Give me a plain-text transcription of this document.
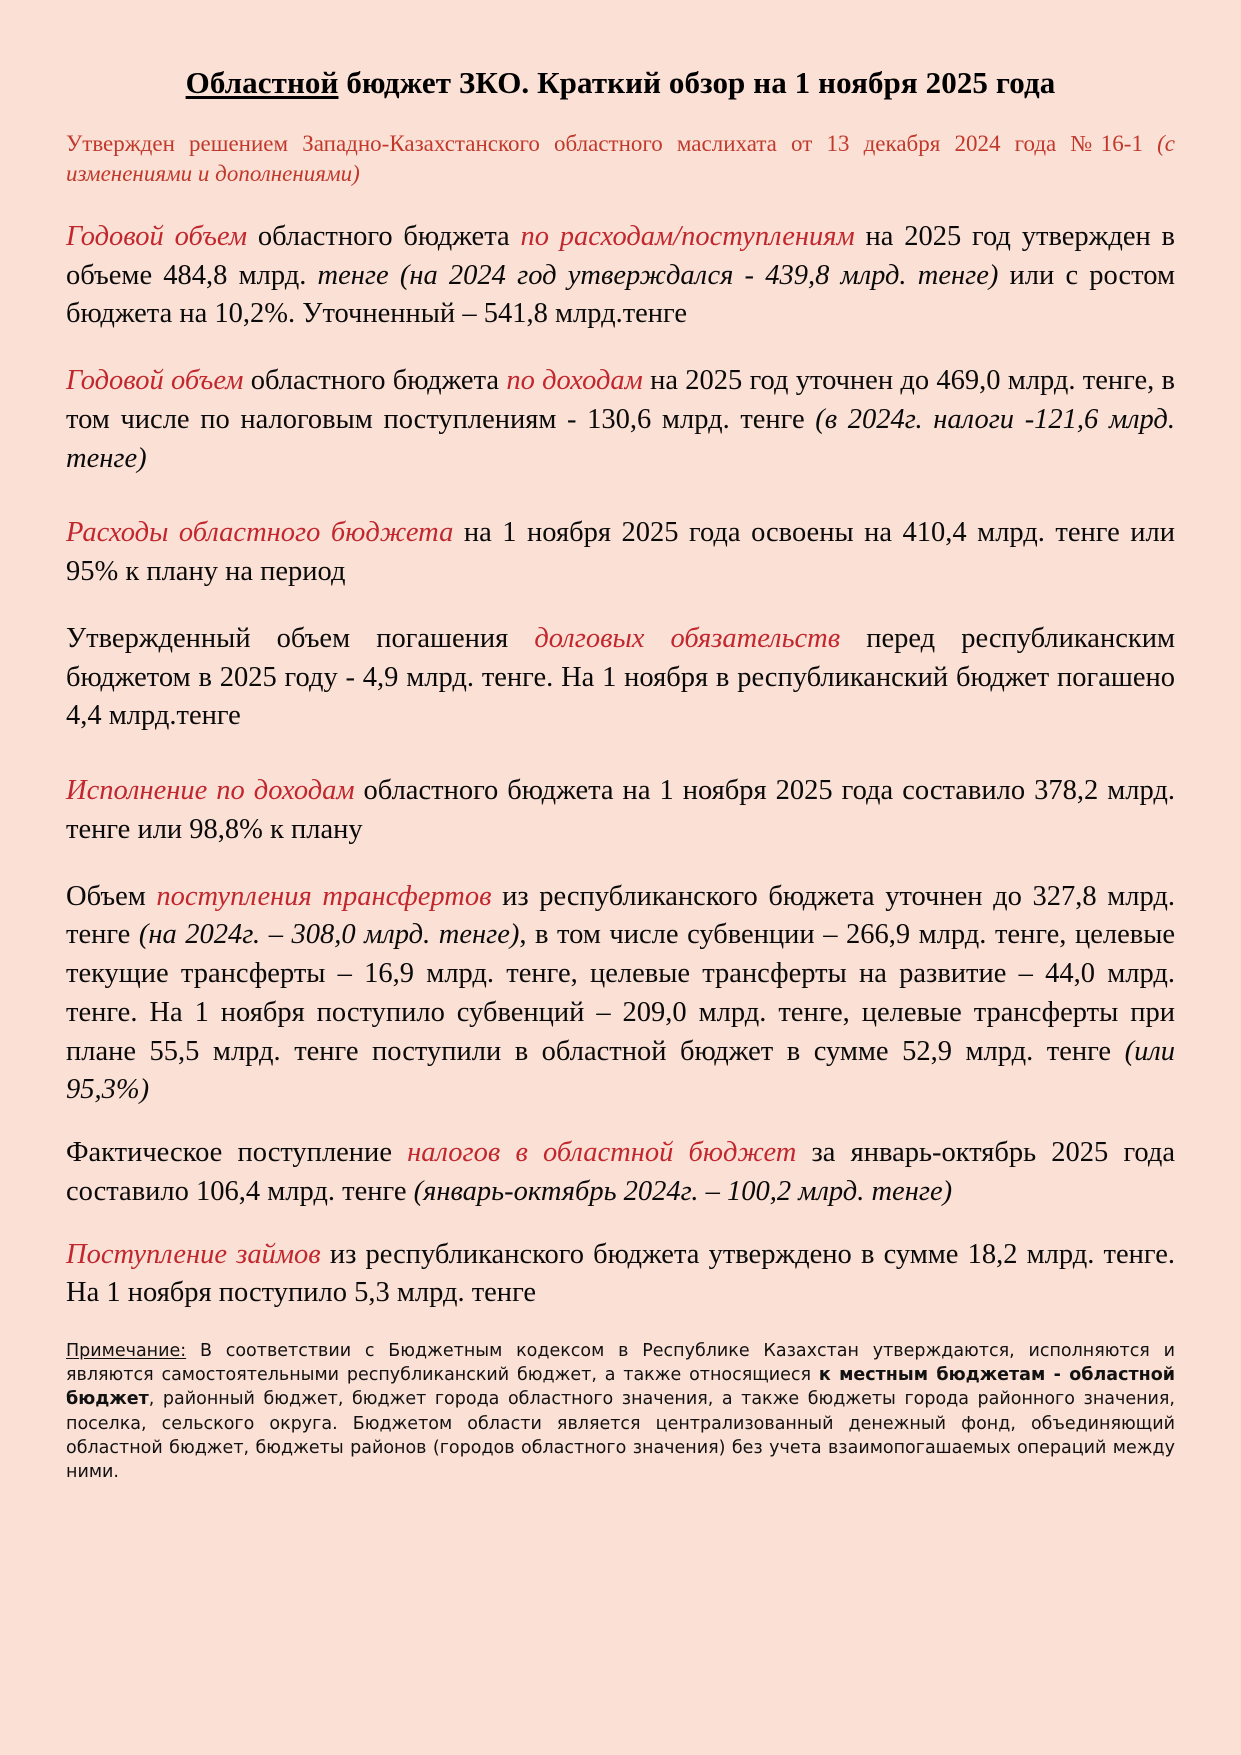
Областной бюджет ЗКО. Краткий обзор на 1 ноября 2025 года

Утвержден решением Западно-Казахстанского областного маслихата от 13 декабря 2024 года №16-1 (с изменениями и дополнениями)

Годовой объем областного бюджета по расходам/поступлениям на 2025 год утвержден в объеме 484,8 млрд. тенге (на 2024 год утверждался - 439,8 млрд. тенге) или с ростом бюджета на 10,2%. Уточненный – 541,8 млрд.тенге

Годовой объем областного бюджета по доходам на 2025 год уточнен до 469,0 млрд. тенге, в том числе по налоговым поступлениям - 130,6 млрд. тенге (в 2024г. налоги -121,6 млрд. тенге)

Расходы областного бюджета на 1 ноября 2025 года освоены на 410,4 млрд. тенге или 95% к плану на период

Утвержденный объем погашения долговых обязательств перед республиканским бюджетом в 2025 году - 4,9 млрд. тенге. На 1 ноября в республиканский бюджет погашено 4,4 млрд.тенге

Исполнение по доходам областного бюджета на 1 ноября 2025 года составило 378,2 млрд. тенге или 98,8% к плану

Объем поступления трансфертов из республиканского бюджета уточнен до 327,8 млрд. тенге (на 2024г. – 308,0 млрд. тенге), в том числе субвенции – 266,9 млрд. тенге, целевые текущие трансферты – 16,9 млрд. тенге, целевые трансферты на развитие – 44,0 млрд. тенге. На 1 ноября поступило субвенций – 209,0 млрд. тенге, целевые трансферты при плане 55,5 млрд. тенге поступили в областной бюджет в сумме 52,9 млрд. тенге (или 95,3%)

Фактическое поступление налогов в областной бюджет за январь-октябрь 2025 года составило 106,4 млрд. тенге (январь-октябрь 2024г. – 100,2 млрд. тенге)

Поступление займов из республиканского бюджета утверждено в сумме 18,2 млрд. тенге. На 1 ноября поступило 5,3 млрд. тенге

Примечание: В соответствии с Бюджетным кодексом в Республике Казахстан утверждаются, исполняются и являются самостоятельными республиканский бюджет, а также относящиеся к местным бюджетам - областной бюджет, районный бюджет, бюджет города областного значения, а также бюджеты города районного значения, поселка, сельского округа. Бюджетом области является централизованный денежный фонд, объединяющий областной бюджет, бюджеты районов (городов областного значения) без учета взаимопогашаемых операций между ними.
